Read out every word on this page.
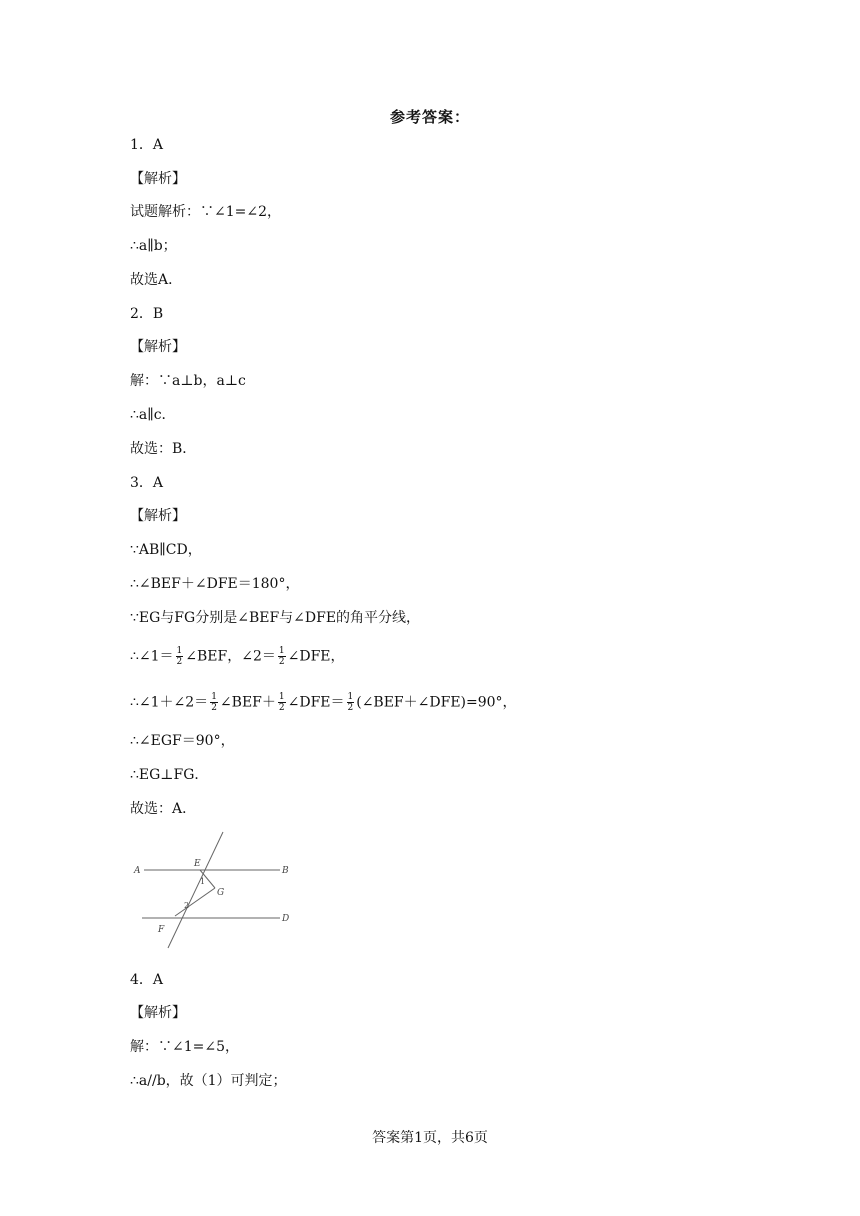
参考答案：
1．A
【解析】
试题解析：∵∠1=∠2，
∴a∥b；
故选A．
2．B
【解析】
解：∵a⊥b，a⊥c
∴a∥c．
故选：B．
3．A
【解析】
∵AB∥CD，
∴∠BEF＋∠DFE＝180°，
∵EG与FG分别是∠BEF与∠DFE的角平分线，
∴∠1＝ $\frac{1}{2}$ ∠BEF，∠2＝ $\frac{1}{2}$ ∠DFE，
∴∠1＋∠2＝ $\frac{1}{2}$ ∠BEF＋ $\frac{1}{2}$ ∠DFE＝ $\frac{1}{2}$ (∠BEF＋∠DFE)=90°，
∴∠EGF＝90°，
∴EG⊥FG．
故选：A．
A	B
D
E
F
G
1
2
4．A
【解析】
解：∵∠1=∠5，
∴a//b，故（1）可判定；
答案第1页，共6页
